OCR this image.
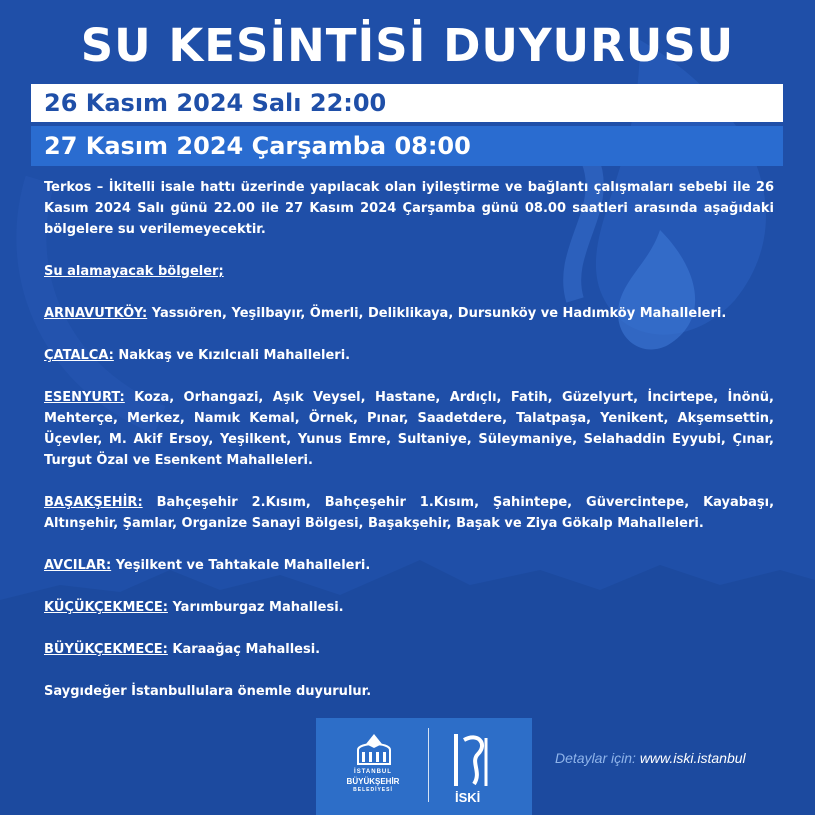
SU KESİNTİSİ DUYURUSU
26 Kasım 2024 Salı 22:00
27 Kasım 2024 Çarşamba 08:00

Terkos – İkitelli isale hattı üzerinde yapılacak olan iyileştirme ve bağlantı çalışmaları sebebi ile 26 Kasım 2024 Salı günü 22.00 ile 27 Kasım 2024 Çarşamba günü 08.00 saatleri arasında aşağıdaki bölgelere su verilemeyecektir.

Su alamayacak bölgeler;

ARNAVUTKÖY: Yassıören, Yeşilbayır, Ömerli, Deliklikaya, Dursunköy ve Hadımköy Mahalleleri.

ÇATALCA: Nakkaş ve Kızılcıali Mahalleleri.

ESENYURT: Koza, Orhangazi, Aşık Veysel, Hastane, Ardıçlı, Fatih, Güzelyurt, İncirtepe, İnönü, Mehterçe, Merkez, Namık Kemal, Örnek, Pınar, Saadetdere, Talatpaşa, Yenikent, Akşemsettin, Üçevler, M. Akif Ersoy, Yeşilkent, Yunus Emre, Sultaniye, Süleymaniye, Selahaddin Eyyubi, Çınar, Turgut Özal ve Esenkent Mahalleleri.

BAŞAKŞEHİR: Bahçeşehir 2.Kısım, Bahçeşehir 1.Kısım, Şahintepe, Güvercintepe, Kayabaşı, Altınşehir, Şamlar, Organize Sanayi Bölgesi, Başakşehir, Başak ve Ziya Gökalp Mahalleleri.

AVCILAR: Yeşilkent ve Tahtakale Mahalleleri.

KÜÇÜKÇEKMECE: Yarımburgaz Mahallesi.

BÜYÜKÇEKMECE: Karaağaç Mahallesi.

Saygıdeğer İstanbullulara önemle duyurulur.

İSTANBUL
BÜYÜKŞEHİR
BELEDİYESİ	İSKİ
Detaylar için: www.iski.istanbul
